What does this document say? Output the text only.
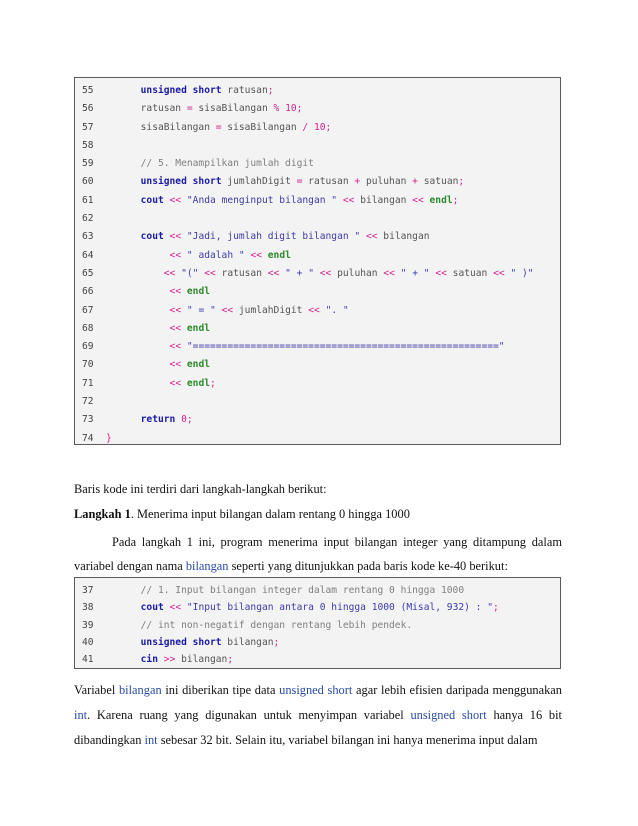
55	unsigned short ratusan;
56	ratusan = sisaBilangan % 10;
57	sisaBilangan = sisaBilangan / 10;
58
59	// 5. Menampilkan jumlah digit
60	unsigned short jumlahDigit = ratusan + puluhan + satuan;
61	cout << "Anda menginput bilangan " << bilangan << endl;
62
63	cout << "Jadi, jumlah digit bilangan " << bilangan
64	<< " adalah " << endl
65	<< "(" << ratusan << " + " << puluhan << " + " << satuan << " )"
66	<< endl
67	<< " = " << jumlahDigit << ". "
68	<< endl
69	<< "====================================================="
70	<< endl
71	<< endl;
72
73	return 0;
74	}
Baris kode ini terdiri dari langkah-langkah berikut:
Langkah 1. Menerima input bilangan dalam rentang 0 hingga 1000
Pada langkah 1 ini, program menerima input bilangan integer yang ditampung dalam variabel dengan nama bilangan seperti yang ditunjukkan pada baris kode ke-40 berikut:
37	// 1. Input bilangan integer dalam rentang 0 hingga 1000
38	cout << "Input bilangan antara 0 hingga 1000 (Misal, 932) : ";
39	// int non-negatif dengan rentang lebih pendek.
40	unsigned short bilangan;
41	cin >> bilangan;
Variabel bilangan ini diberikan tipe data unsigned short agar lebih efisien daripada menggunakan int. Karena ruang yang digunakan untuk menyimpan variabel unsigned short hanya 16 bit dibandingkan int sebesar 32 bit. Selain itu, variabel bilangan ini hanya menerima input dalam
